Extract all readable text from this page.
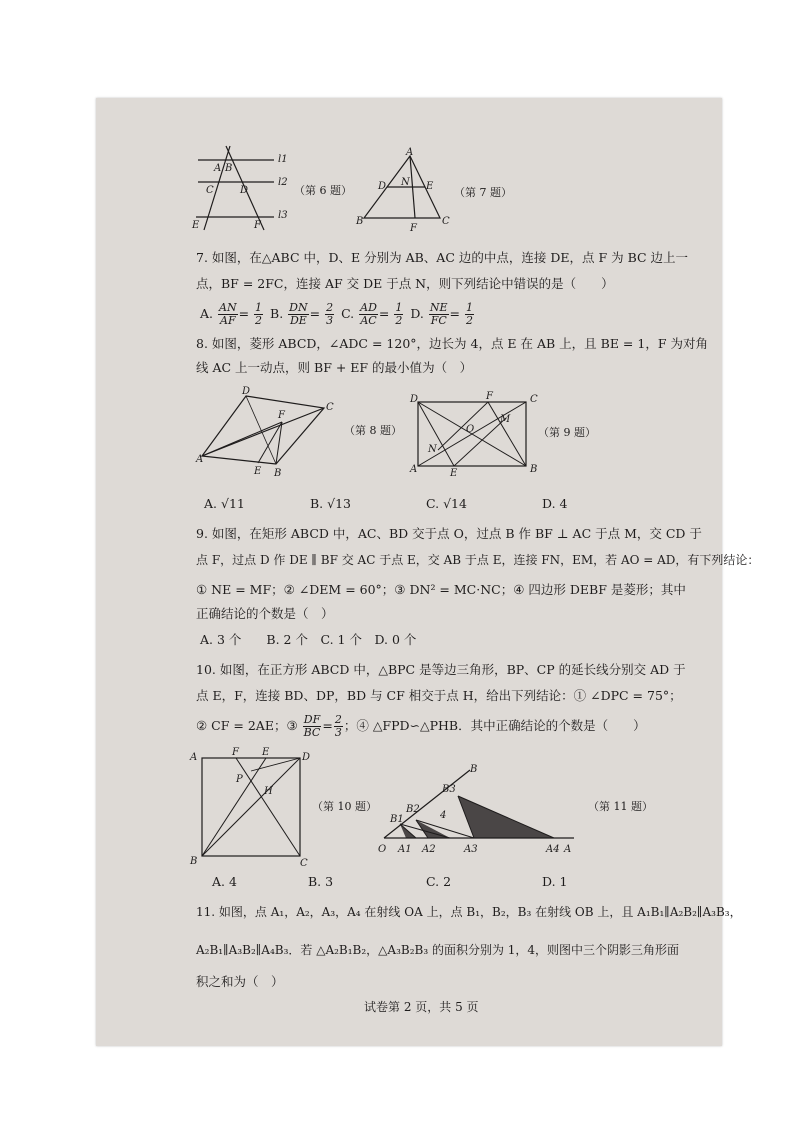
A B
C	D
E	F
l1
l2
l3
（第 6 题）
A
B	C
D	E
F
N
（第 7 题）
7. 如图，在△ABC 中，D、E 分别为 AB、AC 边的中点，连接 DE，点 F 为 BC 边上一
点，BF = 2FC，连接 AF 交 DE 于点 N，则下列结论中错误的是（　　）
A. $\frac{AN}{AF} = \frac{1}{2} B$. $\frac{DN}{DE} = \frac{2}{3} C$. $\frac{AD}{AC} = \frac{1}{2} D$. $\frac{NE}{FC} = \frac{1}{2}$
8. 如图，菱形 ABCD，∠ADC = 120°，边长为 4，点 E 在 AB 上，且 BE = 1，F 为对角
线 AC 上一动点，则 BF + EF 的最小值为（　）
D
C
A
B
E
F
（第 8 题）
D	F	C
A	E	B
O
M
N
（第 9 题）
A. √11	B. √13	C. √14	D. 4
9. 如图，在矩形 ABCD 中，AC、BD 交于点 O，过点 B 作 BF ⊥ AC 于点 M，交 CD 于
点 F，过点 D 作 DE ∥ BF 交 AC 于点 E，交 AB 于点 E，连接 FN，EM，若 AO = AD，有下列结论：
① NE = MF；② ∠DEM = 60°；③ DN² = MC·NC；④ 四边形 DEBF 是菱形；其中
正确结论的个数是（　）
A. 3 个　　B. 2 个　C. 1 个　D. 0 个
10. 如图，在正方形 ABCD 中，△BPC 是等边三角形，BP、CP 的延长线分别交 AD 于
点 E，F，连接 BD、DP，BD 与 CF 相交于点 H，给出下列结论：① ∠DPC = 75°；
② CF = 2AE；③ $\frac{DF}{BC} = \frac{2}{3}$ ；④ △FPD∽△PHB．其中正确结论的个数是（　　）
A	F E	D
P
H
B	C
（第 10 题）
O A1 A2	A3	A4 A
B1
B2
B3
B
4
（第 11 题）
A. 4	B. 3	C. 2	D. 1
11. 如图，点 A₁，A₂，A₃，A₄ 在射线 OA 上，点 B₁，B₂，B₃ 在射线 OB 上，且 A₁B₁∥A₂B₂∥A₃B₃，
A₂B₁∥A₃B₂∥A₄B₃．若 △A₂B₁B₂，△A₃B₂B₃ 的面积分别为 1，4，则图中三个阴影三角形面
积之和为（　）
试卷第 2 页，共 5 页
